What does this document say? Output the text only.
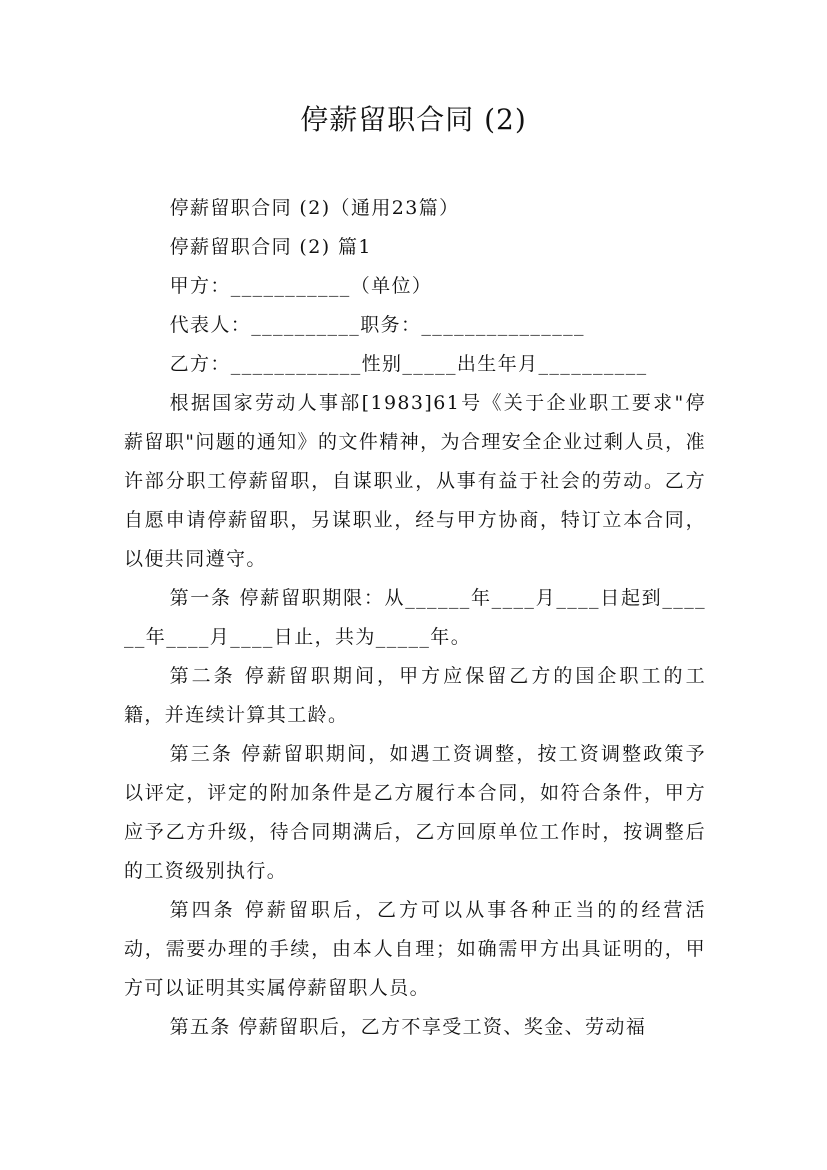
停薪留职合同 (2)

停薪留职合同 (2)（通用23篇）

停薪留职合同 (2) 篇1

甲方：___________（单位）

代表人：__________职务：_______________

乙方：____________性别_____出生年月__________

根据国家劳动人事部[1983]61号《关于企业职工要求"停薪留职"问题的通知》的文件精神，为合理安全企业过剩人员，准许部分职工停薪留职，自谋职业，从事有益于社会的劳动。乙方自愿申请停薪留职，另谋职业，经与甲方协商，特订立本合同，以便共同遵守。

第一条 停薪留职期限：从______年____月____日起到______年____月____日止，共为_____年。

第二条 停薪留职期间，甲方应保留乙方的国企职工的工籍，并连续计算其工龄。

第三条 停薪留职期间，如遇工资调整，按工资调整政策予以评定，评定的附加条件是乙方履行本合同，如符合条件，甲方应予乙方升级，待合同期满后，乙方回原单位工作时，按调整后的工资级别执行。

第四条 停薪留职后，乙方可以从事各种正当的的经营活动，需要办理的手续，由本人自理；如确需甲方出具证明的，甲方可以证明其实属停薪留职人员。

第五条 停薪留职后，乙方不享受工资、奖金、劳动福
